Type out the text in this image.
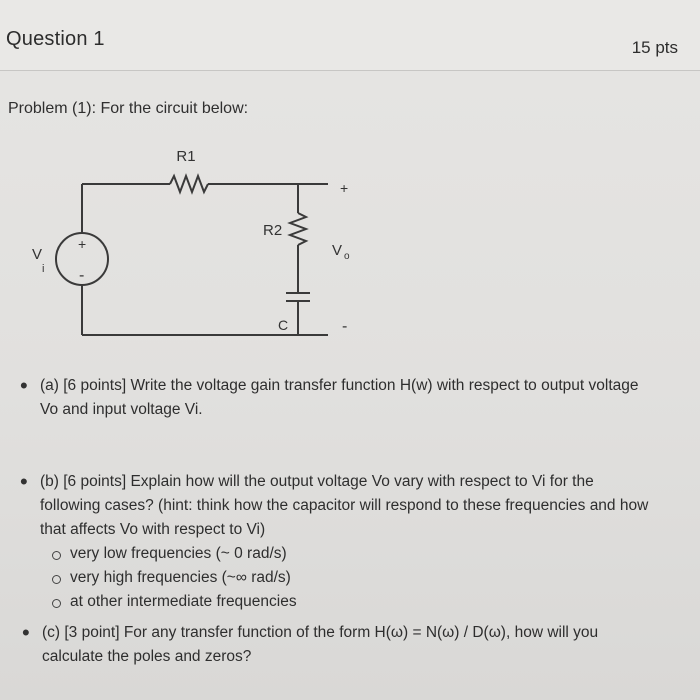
Question 1	15 pts
Problem (1): For the circuit below:
R1
R2
C
+
-
V o
V
i
+
-
• (a) [6 points] Write the voltage gain transfer function H(w) with respect to output voltage
Vo and input voltage Vi.
• (b) [6 points] Explain how will the output voltage Vo vary with respect to Vi for the
following cases? (hint: think how the capacitor will respond to these frequencies and how
that affects Vo with respect to Vi)
very low frequencies (~ 0 rad/s)
very high frequencies (~∞ rad/s)
at other intermediate frequencies
• (c) [3 point] For any transfer function of the form H(ω) = N(ω) / D(ω), how will you
calculate the poles and zeros?
